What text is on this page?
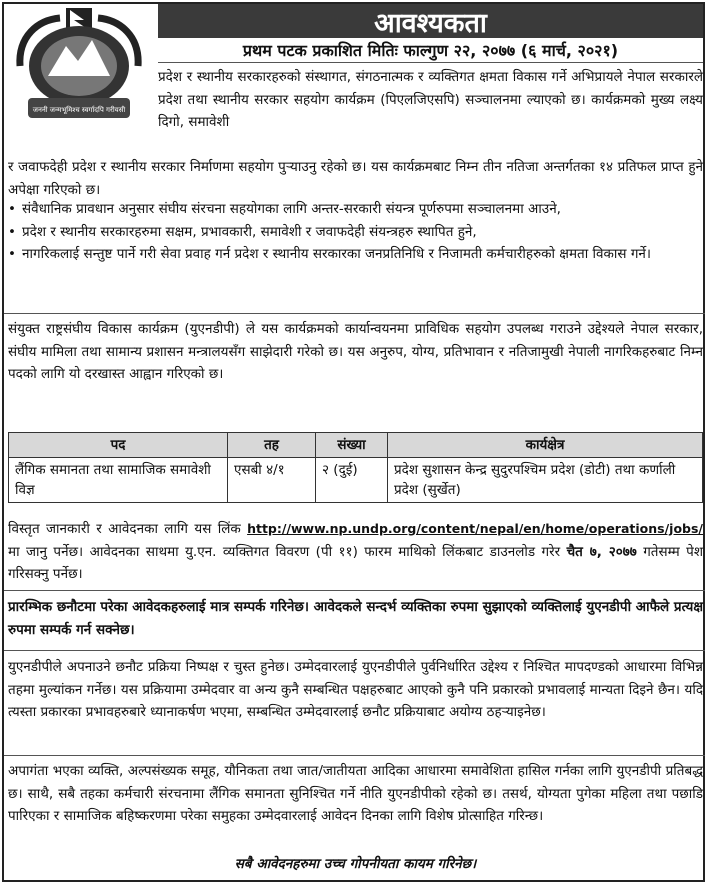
जननी जन्मभूमिश्च स्वर्गादपि गरीयसी
आवश्यकता
प्रथम पटक प्रकाशित मितिः फाल्गुण २२, २०७७ (६ मार्च, २०२१)

प्रदेश र स्थानीय सरकारहरुको संस्थागत, संगठनात्मक र व्यक्तिगत क्षमता विकास गर्ने अभिप्रायले नेपाल सरकारले प्रदेश तथा स्थानीय सरकार सहयोग कार्यक्रम (पिएलजिएसपि) सञ्चालनमा ल्याएको छ। कार्यक्रमको मुख्य लक्ष्य दिगो, समावेशी

र जवाफदेही प्रदेश र स्थानीय सरकार निर्माणमा सहयोग पुऱ्याउनु रहेको छ। यस कार्यक्रमबाट निम्न तीन नतिजा अन्तर्गतका १४ प्रतिफल प्राप्त हुने अपेक्षा गरिएको छ।

• संवैधानिक प्रावधान अनुसार संघीय संरचना सहयोगका लागि अन्तर-सरकारी संयन्त्र पूर्णरुपमा सञ्चालनमा आउने,
• प्रदेश र स्थानीय सरकारहरुमा सक्षम, प्रभावकारी, समावेशी र जवाफदेही संयन्त्रहरु स्थापित हुने,
• नागरिकलाई सन्तुष्ट पार्ने गरी सेवा प्रवाह गर्न प्रदेश र स्थानीय सरकारका जनप्रतिनिधि र निजामती कर्मचारीहरुको क्षमता विकास गर्ने।

संयुक्त राष्ट्रसंघीय विकास कार्यक्रम (युएनडीपी) ले यस कार्यक्रमको कार्यान्वयनमा प्राविधिक सहयोग उपलब्ध गराउने उद्देश्यले नेपाल सरकार, संघीय मामिला तथा सामान्य प्रशासन मन्त्रालयसँग साझेदारी गरेको छ। यस अनुरुप, योग्य, प्रतिभावान र नतिजामुखी नेपाली नागरिकहरुबाट निम्न पदको लागि यो दरखास्त आह्वान गरिएको छ।

पद	तह	संख्या	कार्यक्षेत्र
लैंगिक समानता तथा सामाजिक समावेशी विज्ञ	एसबी ४/१	२ (दुई)	प्रदेश सुशासन केन्द्र सुदुरपश्चिम प्रदेश (डोटी) तथा कर्णाली प्रदेश (सुर्खेत)

विस्तृत जानकारी र आवेदनका लागि यस लिंक http://www.np.undp.org/content/nepal/en/home/operations/jobs/ मा जानु पर्नेछ। आवेदनका साथमा यु.एन. व्यक्तिगत विवरण (पी ११) फारम माथिको लिंकबाट डाउनलोड गरेर चैत ७, २०७७ गतेसम्म पेश गरिसक्नु पर्नेछ।

प्रारम्भिक छनौटमा परेका आवेदकहरुलाई मात्र सम्पर्क गरिनेछ। आवेदकले सन्दर्भ व्यक्तिका रुपमा सुझाएको व्यक्तिलाई युएनडीपी आफैले प्रत्यक्ष रुपमा सम्पर्क गर्न सक्नेछ।

युएनडीपीले अपनाउने छनौट प्रक्रिया निष्पक्ष र चुस्त हुनेछ। उम्मेदवारलाई युएनडीपीले पुर्वनिर्धारित उद्देश्य र निश्चित मापदण्डको आधारमा विभिन्न तहमा मुल्यांकन गर्नेछ। यस प्रक्रियामा उम्मेदवार वा अन्य कुनै सम्बन्धित पक्षहरुबाट आएको कुनै पनि प्रकारको प्रभावलाई मान्यता दिइने छैन। यदि त्यस्ता प्रकारका प्रभावहरुबारे ध्यानाकर्षण भएमा, सम्बन्धित उम्मेदवारलाई छनौट प्रक्रियाबाट अयोग्य ठहऱ्याइनेछ।

अपागंता भएका व्यक्ति, अल्पसंख्यक समूह, यौनिकता तथा जात/जातीयता आदिका आधारमा समावेशिता हासिल गर्नका लागि युएनडीपी प्रतिबद्ध छ। साथै, सबै तहका कर्मचारी संरचनामा लैंगिक समानता सुनिश्चित गर्ने नीति युएनडीपीको रहेको छ। तसर्थ, योग्यता पुगेका महिला तथा पछाडि पारिएका र सामाजिक बहिष्करणमा परेका समुहका उम्मेदवारलाई आवेदन दिनका लागि विशेष प्रोत्साहित गरिन्छ।

सबै आवेदनहरुमा उच्च गोपनीयता कायम गरिनेछ।
